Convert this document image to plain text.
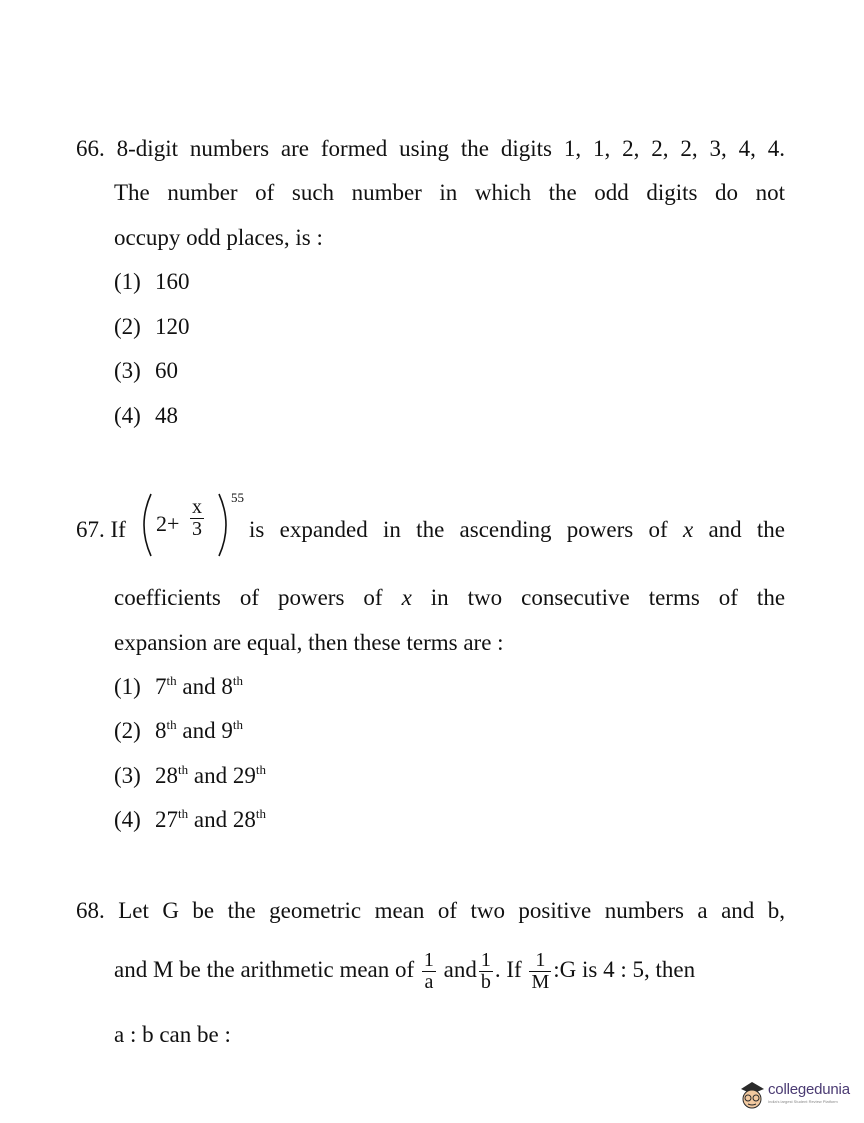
66. 8-digit numbers are formed using the digits 1, 1, 2, 2, 2, 3, 4, 4.
The number of such number in which the odd digits do not
occupy odd places, is :
(1) 160
(2) 120
(3) 60
(4) 48
67. If $2+ \frac{x}{3} 55$
is expanded in the ascending powers of x and the
coefficients of powers of x in two consecutive terms of the
expansion are equal, then these terms are :
(1) 7th and 8th
(2) 8th and 9th
(3) 28th and 29th
(4) 27th and 28th
68. Let G be the geometric mean of two positive numbers a and b,
and M be the arithmetic mean of $\frac{1}{a}$ and $\frac{1}{b}$ . If $\frac{1}{M}$ :G is 4 : 5, then
a : b can be :
collegedunia
India's largest Student Review Platform
